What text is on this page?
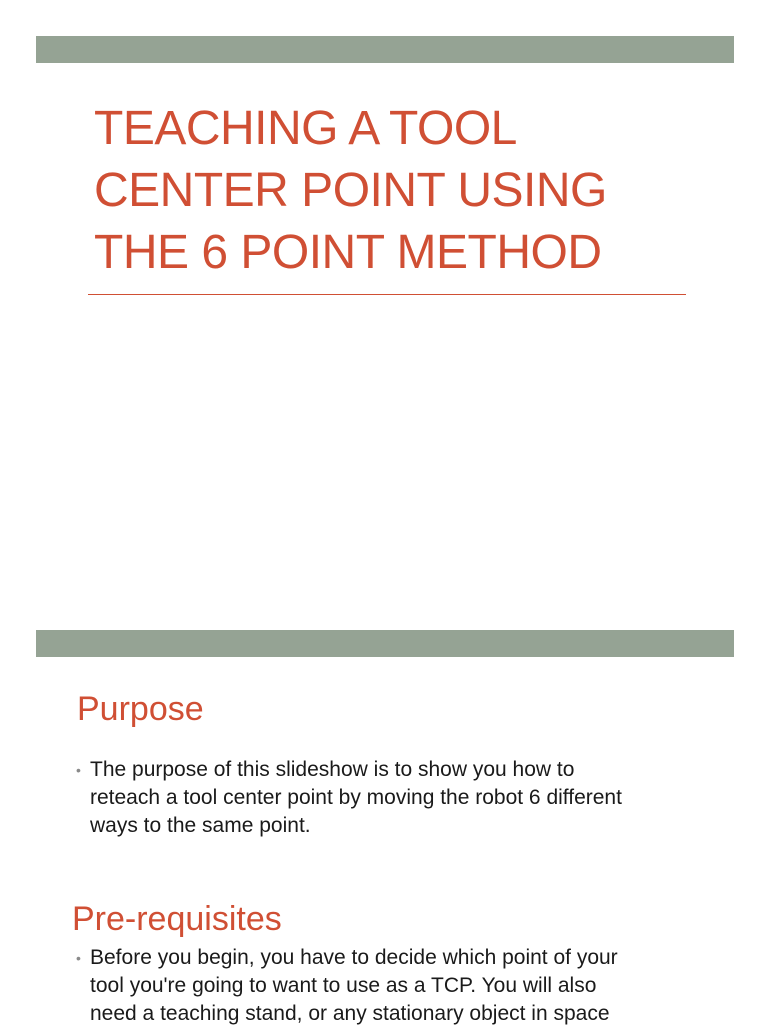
TEACHING A TOOL
CENTER POINT USING
THE 6 POINT METHOD
Purpose
• The purpose of this slideshow is to show you how to
reteach a tool center point by moving the robot 6 different
ways to the same point.
Pre-requisites
• Before you begin, you have to decide which point of your
tool you're going to want to use as a TCP. You will also
need a teaching stand, or any stationary object in space
